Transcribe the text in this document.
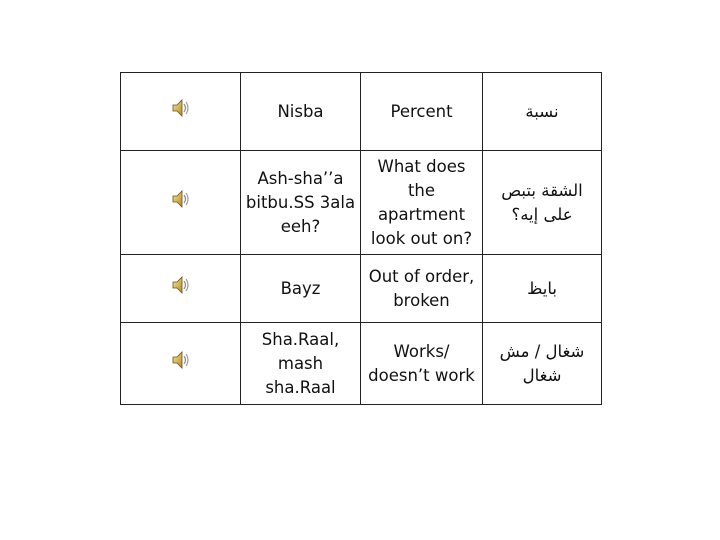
	Nisba	Percent	نسبة
	Ash-sha’’a bitbu.SS 3ala eeh?	What does the apartment look out on?	الشقة بتبص على إيه؟
	Bayz	Out of order, broken	بايظ
	Sha.Raal, mash sha.Raal	Works/ doesn’t work	شغال / مش شغال
